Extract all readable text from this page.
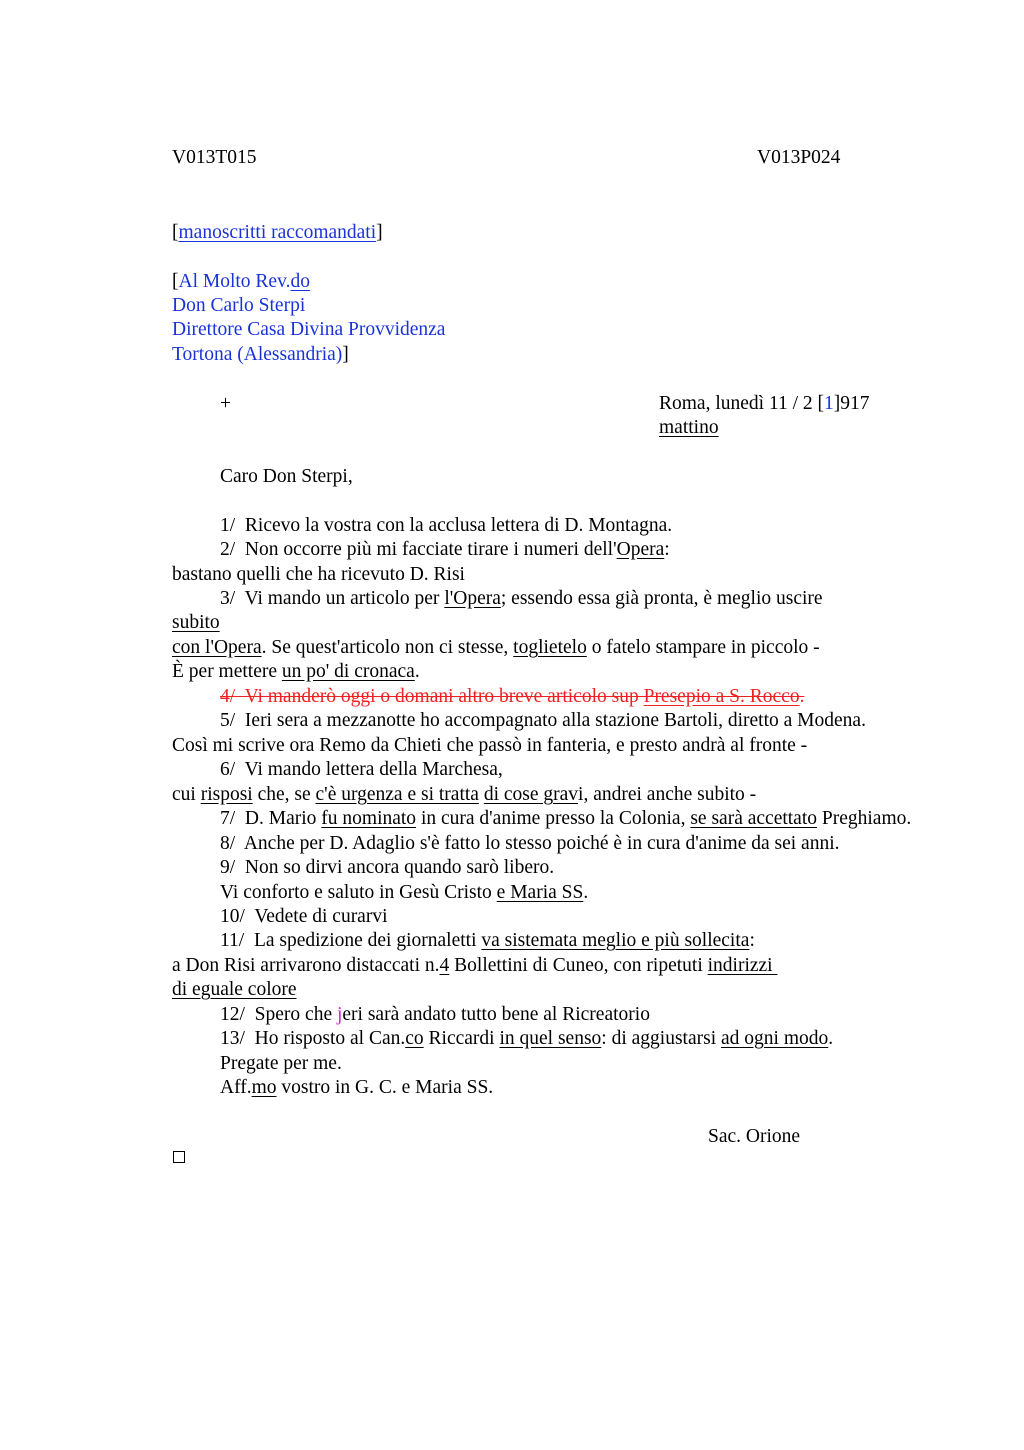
V013T015	V013P024
[manoscritti raccomandati]
[Al Molto Rev.do
Don Carlo Sterpi
Direttore Casa Divina Provvidenza
Tortona (Alessandria)]
+	Roma, lunedì 11 / 2 [1]917
mattino
Caro Don Sterpi,
1/  Ricevo la vostra con la acclusa lettera di D. Montagna.
2/  Non occorre più mi facciate tirare i numeri dell'Opera:
bastano quelli che ha ricevuto D. Risi
3/  Vi mando un articolo per l'Opera; essendo essa già pronta, è meglio uscire
subito
con l'Opera. Se quest'articolo non ci stesse, toglietelo o fatelo stampare in piccolo -
È per mettere un po' di cronaca.
4/  Vi manderò oggi o domani altro breve articolo sup Presepio a S. Rocco.
5/  Ieri sera a mezzanotte ho accompagnato alla stazione Bartoli, diretto a Modena.
Così mi scrive ora Remo da Chieti che passò in fanteria, e presto andrà al fronte -
6/  Vi mando lettera della Marchesa,
cui risposi che, se c'è urgenza e si tratta di cose gravi, andrei anche subito -
7/  D. Mario fu nominato in cura d'anime presso la Colonia, se sarà accettato Preghiamo.
8/  Anche per D. Adaglio s'è fatto lo stesso poiché è in cura d'anime da sei anni.
9/  Non so dirvi ancora quando sarò libero.
Vi conforto e saluto in Gesù Cristo e Maria SS.
10/  Vedete di curarvi
11/  La spedizione dei giornaletti va sistemata meglio e più sollecita:
a Don Risi arrivarono distaccati n.4 Bollettini di Cuneo, con ripetuti indirizzi
di eguale colore
12/  Spero che jeri sarà andato tutto bene al Ricreatorio
13/  Ho risposto al Can.co Riccardi in quel senso: di aggiustarsi ad ogni modo.
Pregate per me.
Aff.mo vostro in G. C. e Maria SS.
Sac. Orione
